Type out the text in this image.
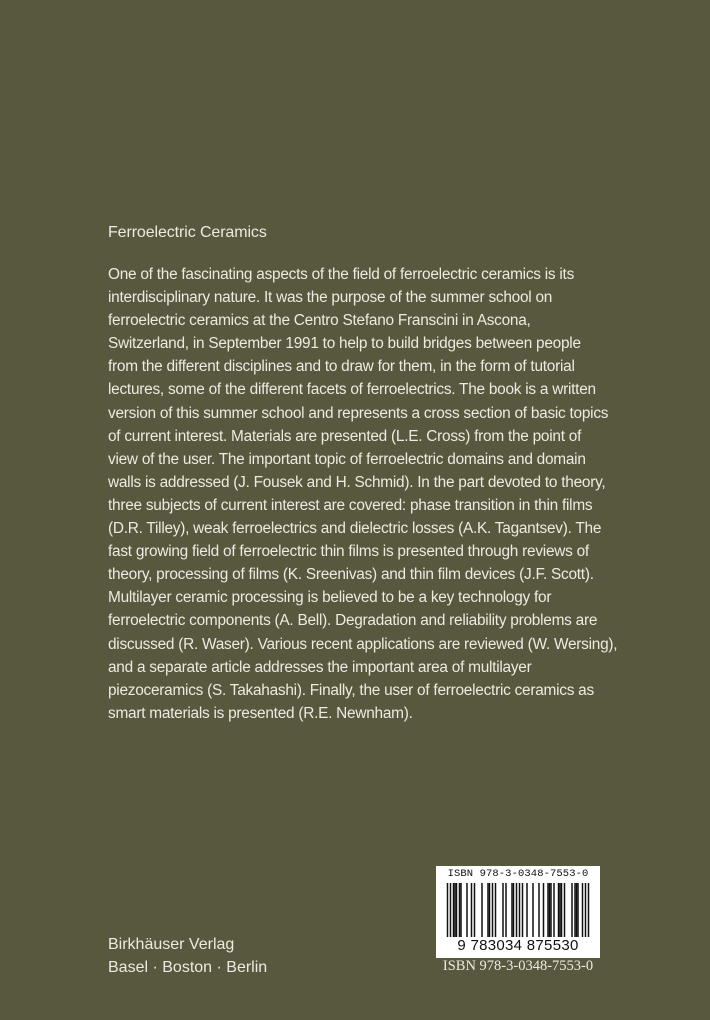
Ferroelectric Ceramics
One of the fascinating aspects of the field of ferroelectric ceramics is its
interdisciplinary nature. It was the purpose of the summer school on
ferroelectric ceramics at the Centro Stefano Franscini in Ascona,
Switzerland, in September 1991 to help to build bridges between people
from the different disciplines and to draw for them, in the form of tutorial
lectures, some of the different facets of ferroelectrics. The book is a written
version of this summer school and represents a cross section of basic topics
of current interest. Materials are presented (L.E. Cross) from the point of
view of the user. The important topic of ferroelectric domains and domain
walls is addressed (J. Fousek and H. Schmid). In the part devoted to theory,
three subjects of current interest are covered: phase transition in thin films
(D.R. Tilley), weak ferroelectrics and dielectric losses (A.K. Tagantsev). The
fast growing field of ferroelectric thin films is presented through reviews of
theory, processing of films (K. Sreenivas) and thin film devices (J.F. Scott).
Multilayer ceramic processing is believed to be a key technology for
ferroelectric components (A. Bell). Degradation and reliability problems are
discussed (R. Waser). Various recent applications are reviewed (W. Wersing),
and a separate article addresses the important area of multilayer
piezoceramics (S. Takahashi). Finally, the user of ferroelectric ceramics as
smart materials is presented (R.E. Newnham).
Birkhäuser Verlag
Basel · Boston · Berlin
ISBN 978-3-0348-7553-0
9 783034 875530
ISBN 978-3-0348-7553-0
